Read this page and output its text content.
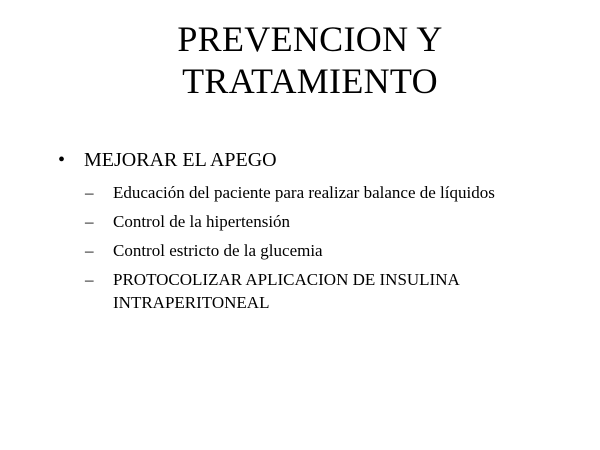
PREVENCION Y
TRATAMIENTO
• MEJORAR EL APEGO
– Educación del paciente para realizar balance de líquidos
– Control de la hipertensión
– Control estricto de la glucemia
– PROTOCOLIZAR APLICACION DE INSULINA
INTRAPERITONEAL
